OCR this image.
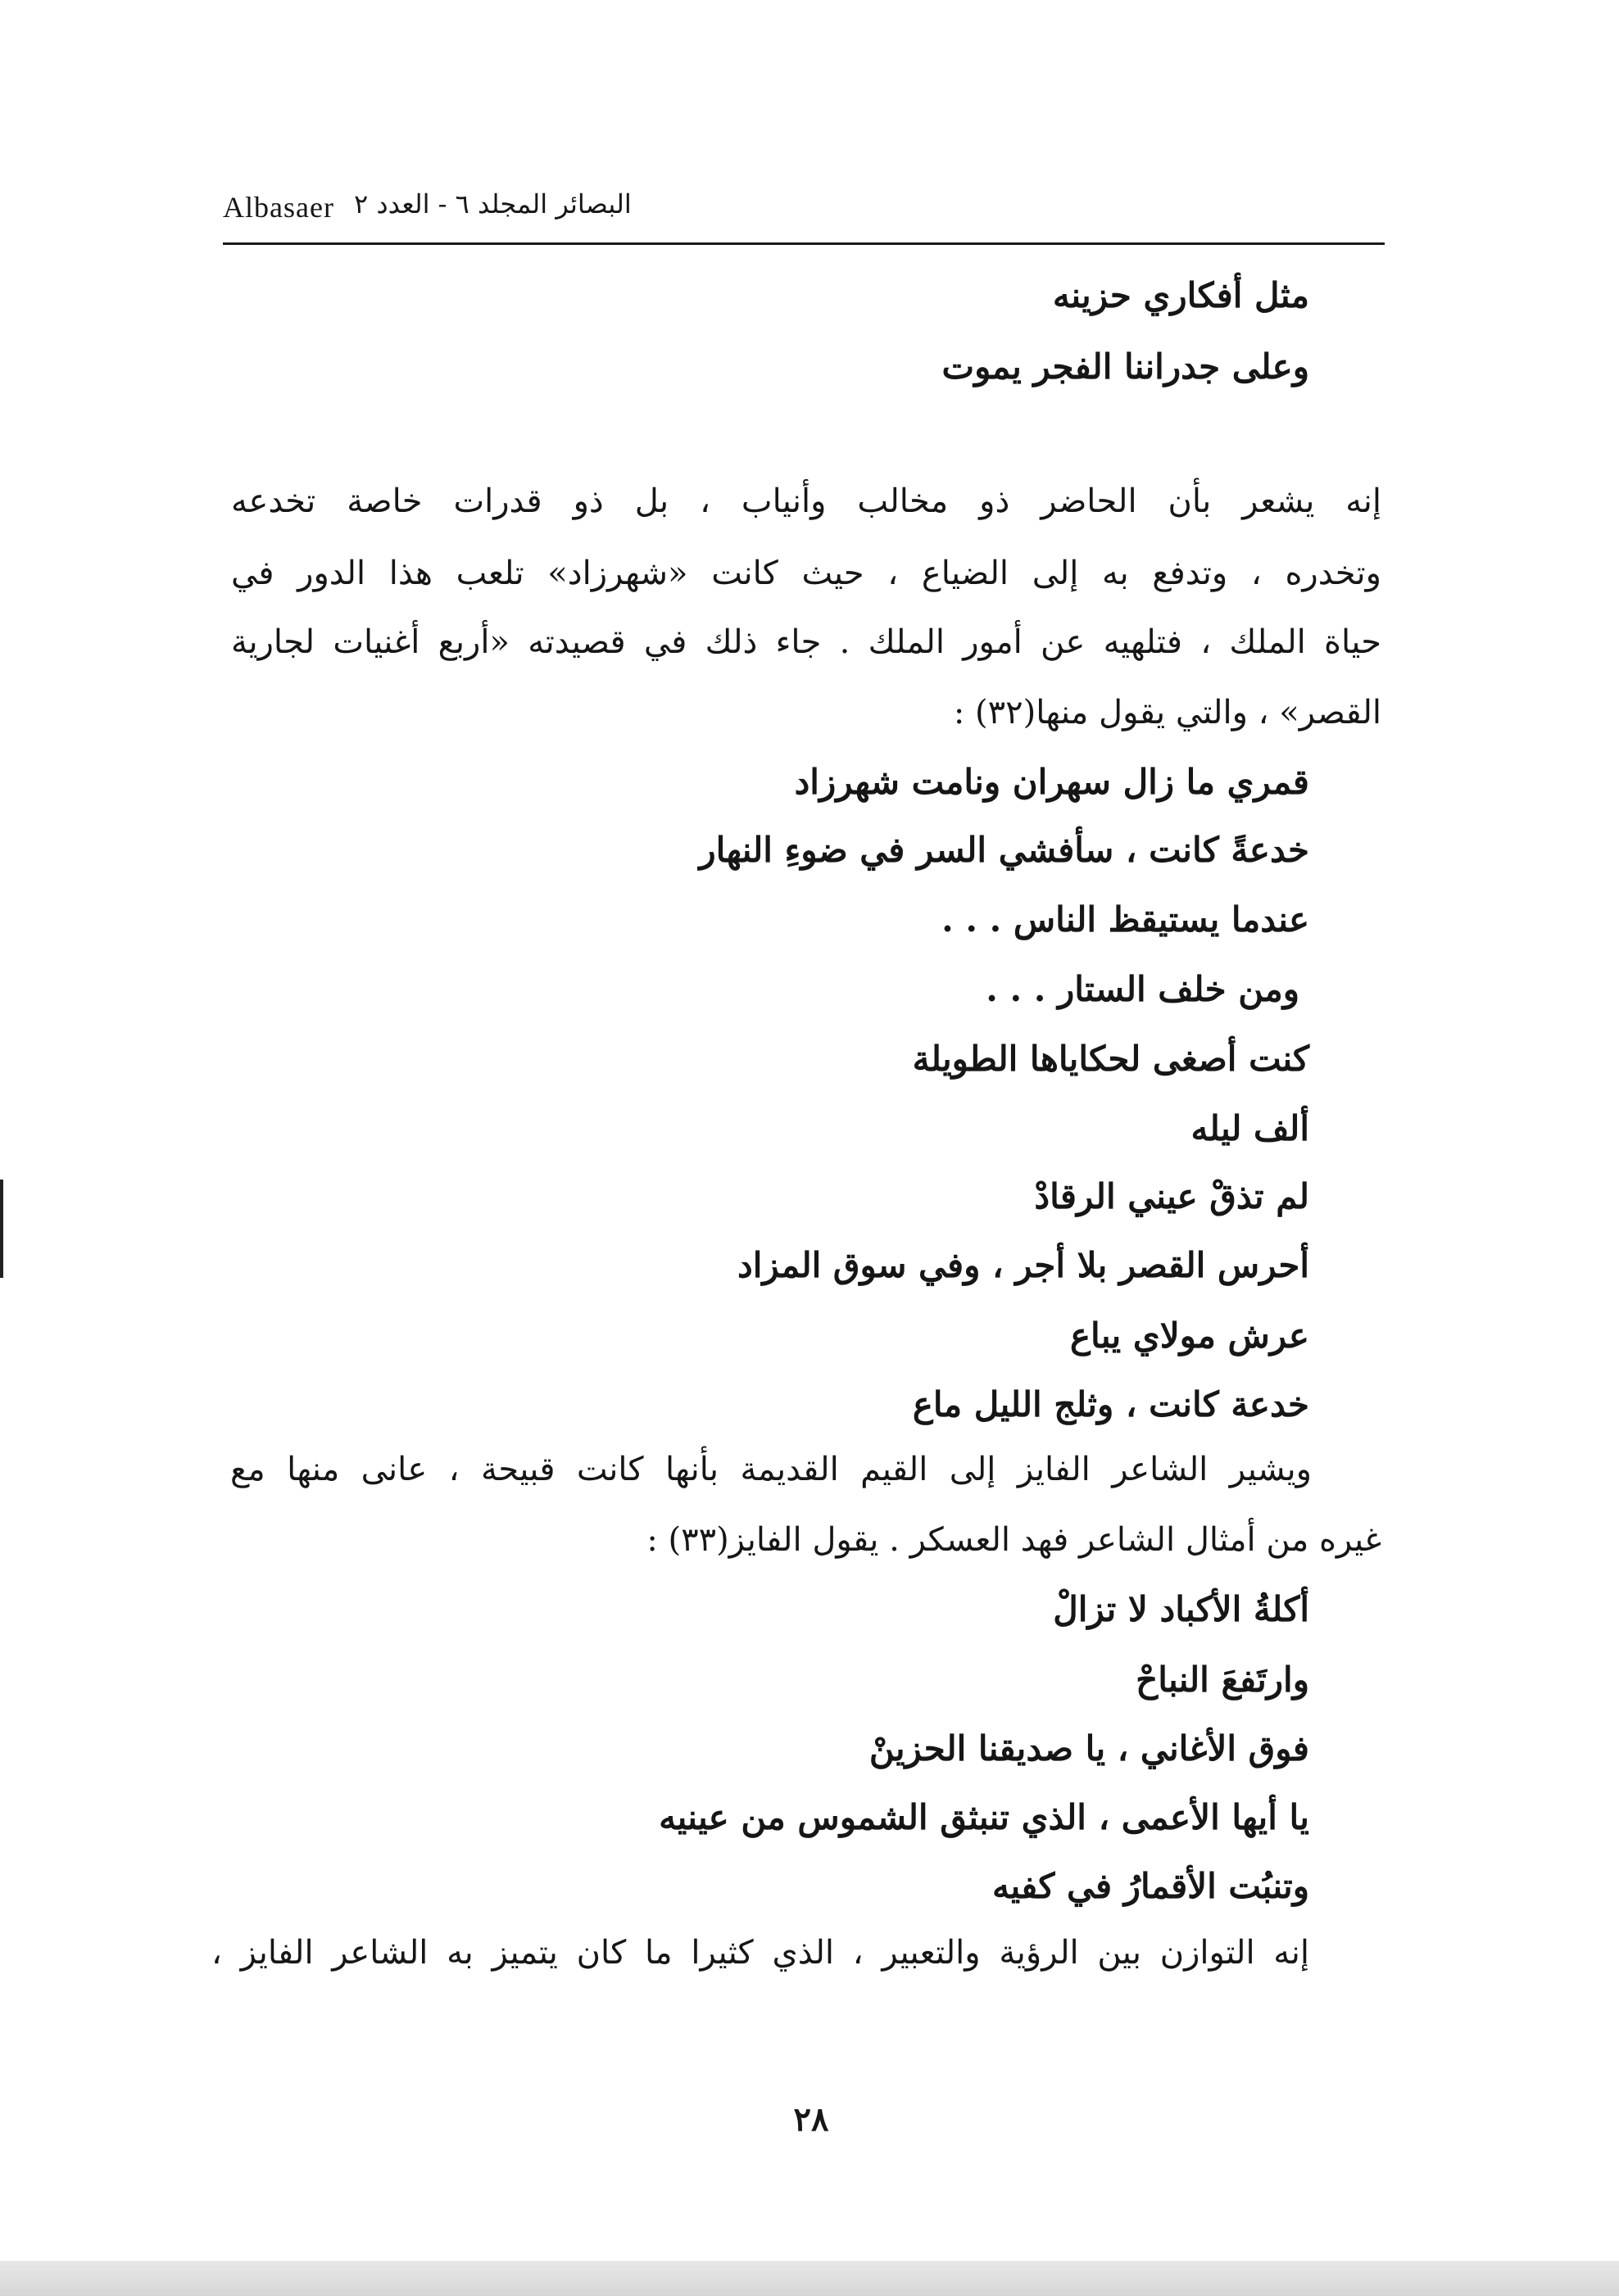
البصائر المجلد ٦ - العدد ٢
Albasaer
مثل أفكاري حزينه
وعلى جدراننا الفجر يموت
إنه يشعر بأن الحاضر ذو مخالب وأنياب ، بل ذو قدرات خاصة تخدعه
وتخدره ، وتدفع به إلى الضياع ، حيث كانت «شهرزاد» تلعب هذا الدور في
حياة الملك ، فتلهيه عن أمور الملك . جاء ذلك في قصيدته «أربع أغنيات لجارية
القصر» ، والتي يقول منها(٣٢) :
قمري ما زال سهران ونامت شهرزاد
خدعةً كانت ، سأفشي السر في ضوءِ النهار
عندما يستيقظ الناس . . .
ومن خلف الستار . . .
كنت أصغى لحكاياها الطويلة
ألف ليله
لم تذقْ عيني الرقادْ
أحرس القصر بلا أجر ، وفي سوق المزاد
عرش مولاي يباع
خدعة كانت ، وثلج الليل ماع
ويشير الشاعر الفايز إلى القيم القديمة بأنها كانت قبيحة ، عانى منها مع
غيره من أمثال الشاعر فهد العسكر . يقول الفايز(٣٣) :
أكلةُ الأكباد لا تزالْ
وارتَفعَ النباحْ
فوق الأغاني ، يا صديقنا الحزينْ
يا أيها الأعمى ، الذي تنبثق الشموس من عينيه
وتنبُت الأقمارُ في كفيه
إنه التوازن بين الرؤية والتعبير ، الذي كثيرا ما كان يتميز به الشاعر الفايز ،
٢٨
